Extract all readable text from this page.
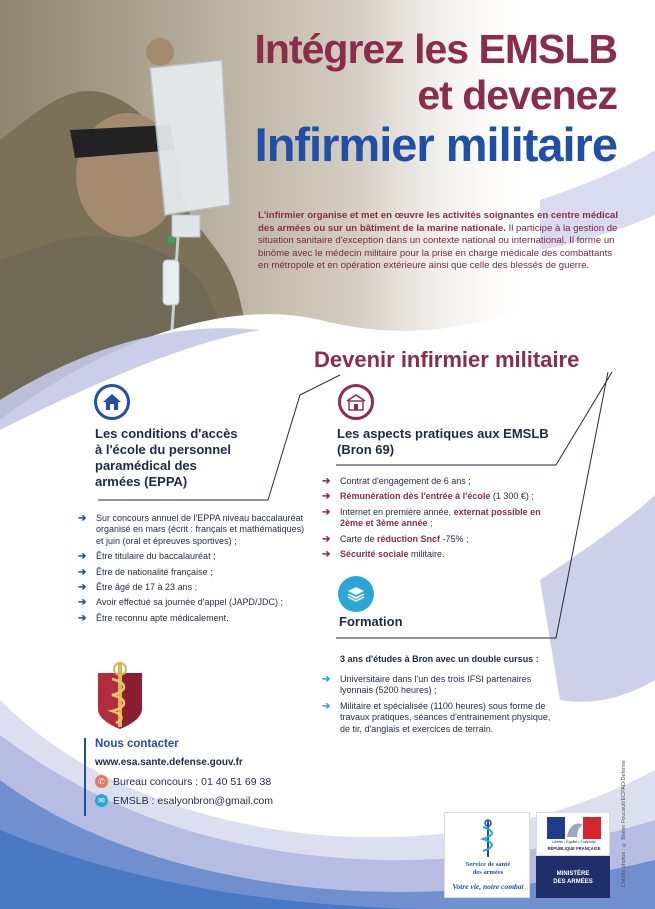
Intégrez les EMSLB
et devenez
Infirmier militaire

L'infirmier organise et met en œuvre les activités soignantes en centre médical des armées ou sur un bâtiment de la marine nationale. Il participe à la gestion de situation sanitaire d'exception dans un contexte national ou international. Il forme un binôme avec le médecin militaire pour la prise en charge médicale des combattants en métropole et en opération extérieure ainsi que celle des blessés de guerre.

Devenir infirmier militaire
Les conditions d'accès
à l'école du personnel
paramédical des
armées (EPPA)
➔ Sur concours annuel de l'EPPA niveau baccalauréat organisé en mars (écrit : français et mathématiques) et juin (oral et épreuves sportives) ;
➔ Être titulaire du baccalauréat ;
➔ Être de nationalité française ;
➔ Être âgé de 17 à 23 ans ;
➔ Avoir effectué sa journée d'appel (JAPD/JDC) ;
➔ Être reconnu apte médicalement.
Les aspects pratiques aux EMSLB
(Bron 69)
➔ Contrat d'engagement de 6 ans ;
➔ Rémunération dès l'entrée à l'école (1 300 €) ;
➔ Internet en première année, externat possible en 2ème et 3ème année ;
➔ Carte de réduction Sncf -75% ;
➔ Sécurité sociale militaire.
Formation
3 ans d'études à Bron avec un double cursus :
➔ Universitaire dans l'un des trois IFSI partenaires lyonnais (5200 heures) ;
➔ Militaire et spécialisée (1100 heures) sous forme de travaux pratiques, séances d'entrainement physique, de tir, d'anglais et exercices de terrain.
Nous contacter
www.esa.sante.defense.gouv.fr
✆ Bureau concours : 01 40 51 69 38
✉ EMSLB : esalyonbron@gmail.com
Service de santé
des armées
Votre vie, notre combat
Liberté • Égalité • Fraternité
RÉPUBLIQUE FRANÇAISE
MINISTÈRE
DES ARMÉES	Crédits photos : © Blaise Foucault/ECPAD/Defense
